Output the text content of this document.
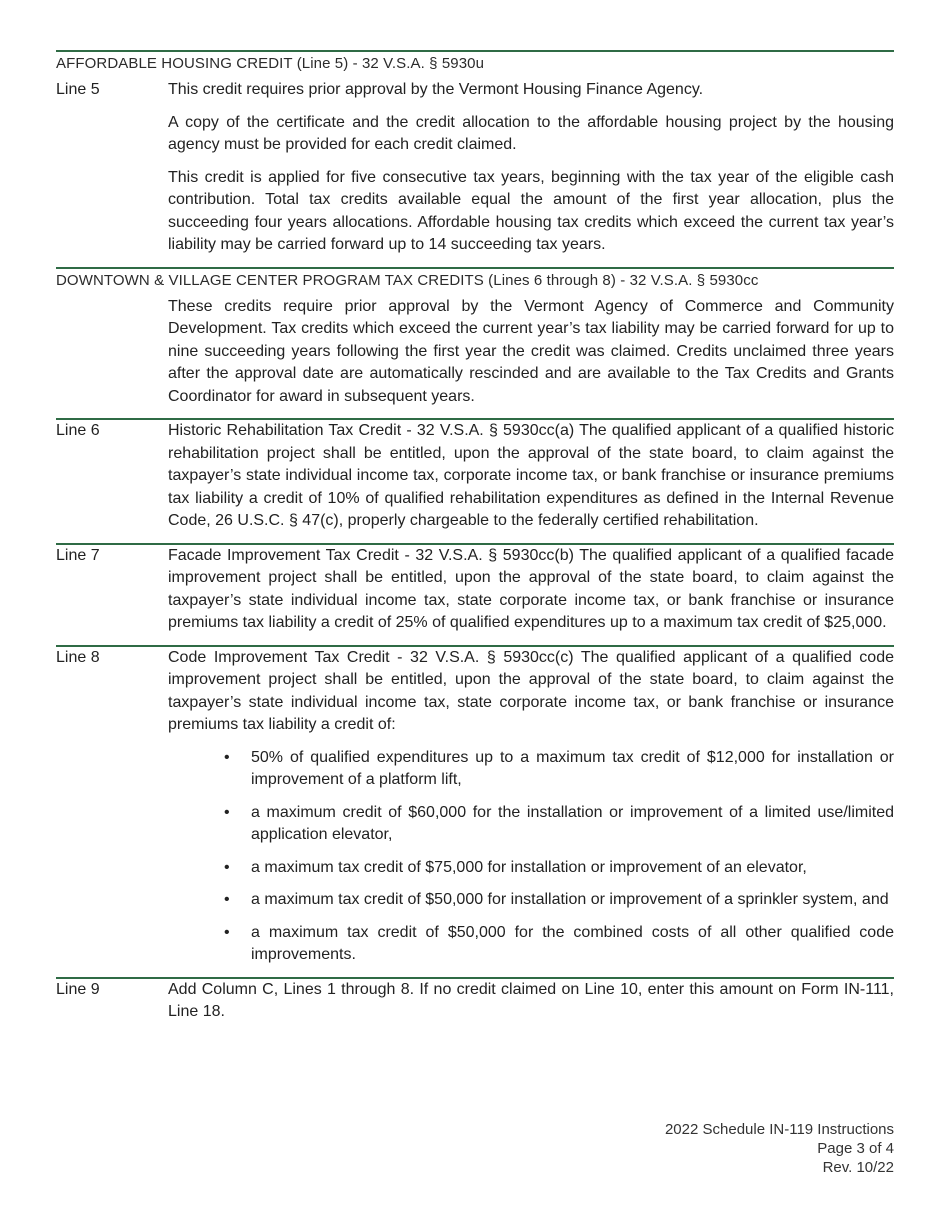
AFFORDABLE HOUSING CREDIT (Line 5) - 32 V.S.A. § 5930u
Line 5	This credit requires prior approval by the Vermont Housing Finance Agency.

A copy of the certificate and the credit allocation to the affordable housing project by the housing agency must be provided for each credit claimed.

This credit is applied for five consecutive tax years, beginning with the tax year of the eligible cash contribution. Total tax credits available equal the amount of the first year allocation, plus the succeeding four years allocations. Affordable housing tax credits which exceed the current tax year’s liability may be carried forward up to 14 succeeding tax years.

DOWNTOWN & VILLAGE CENTER PROGRAM TAX CREDITS (Lines 6 through 8) - 32 V.S.A. § 5930cc

These credits require prior approval by the Vermont Agency of Commerce and Community Development. Tax credits which exceed the current year’s tax liability may be carried forward for up to nine succeeding years following the first year the credit was claimed. Credits unclaimed three years after the approval date are automatically rescinded and are available to the Tax Credits and Grants Coordinator for award in subsequent years.

Line 6	Historic Rehabilitation Tax Credit - 32 V.S.A. § 5930cc(a) The qualified applicant of a qualified historic rehabilitation project shall be entitled, upon the approval of the state board, to claim against the taxpayer’s state individual income tax, corporate income tax, or bank franchise or insurance premiums tax liability a credit of 10% of qualified rehabilitation expenditures as defined in the Internal Revenue Code, 26 U.S.C. § 47(c), properly chargeable to the federally certified rehabilitation.

Line 7	Facade Improvement Tax Credit - 32 V.S.A. § 5930cc(b) The qualified applicant of a qualified facade improvement project shall be entitled, upon the approval of the state board, to claim against the taxpayer’s state individual income tax, state corporate income tax, or bank franchise or insurance premiums tax liability a credit of 25% of qualified expenditures up to a maximum tax credit of $25,000.

Line 8	Code Improvement Tax Credit - 32 V.S.A. § 5930cc(c) The qualified applicant of a qualified code improvement project shall be entitled, upon the approval of the state board, to claim against the taxpayer’s state individual income tax, state corporate income tax, or bank franchise or insurance premiums tax liability a credit of:

• 50% of qualified expenditures up to a maximum tax credit of $12,000 for installation or improvement of a platform lift,
• a maximum credit of $60,000 for the installation or improvement of a limited use/limited application elevator,
• a maximum tax credit of $75,000 for installation or improvement of an elevator,
• a maximum tax credit of $50,000 for installation or improvement of a sprinkler system, and
• a maximum tax credit of $50,000 for the combined costs of all other qualified code improvements.
Line 9	Add Column C, Lines 1 through 8. If no credit claimed on Line 10, enter this amount on Form IN-111, Line 18.

2022 Schedule IN-119 Instructions
Page 3 of 4
Rev. 10/22
